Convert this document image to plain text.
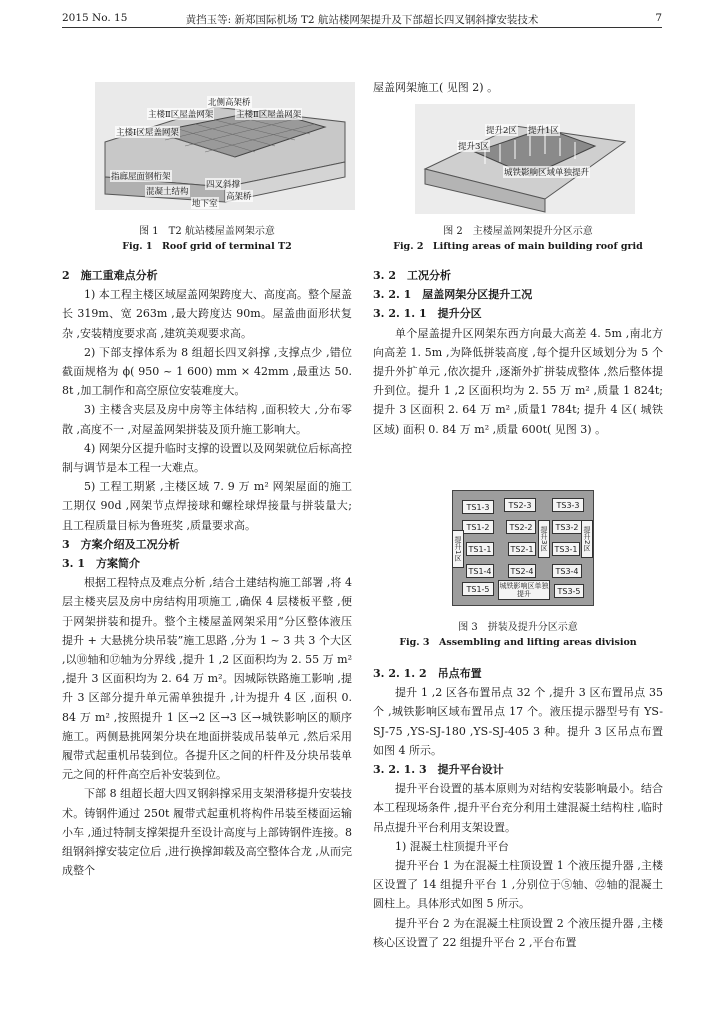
2015 No. 15	黄挡玉等: 新郑国际机场 T2 航站楼网架提升及下部超长四叉钢斜撑安装技术	7
北侧高架桥
主楼Ⅱ区屋盖网架
主楼Ⅰ区屋盖网架
主楼Ⅱ区屋盖网架
指廊屋面钢桁架
混凝土结构
地下室
四叉斜撑
高架桥
图 1　T2 航站楼屋盖网架示意
Fig. 1　Roof grid of terminal T2

2　施工重难点分析

1) 本工程主楼区域屋盖网架跨度大、高度高。整个屋盖长 319m、宽 263m ,最大跨度达 90m。屋盖曲面形状复杂 ,安装精度要求高 ,建筑美观要求高。

2) 下部支撑体系为 8 组超长四叉斜撑 ,支撑点少 ,错位截面规格为 ϕ( 950 ~ 1 600) mm × 42mm ,最重达 50. 8t ,加工制作和高空原位安装难度大。

3) 主楼含夹层及房中房等主体结构 ,面积较大 ,分布零散 ,高度不一 ,对屋盖网架拼装及顶升施工影响大。

4) 网架分区提升临时支撑的设置以及网架就位后标高控制与调节是本工程一大难点。

5) 工程工期紧 ,主楼区域 7. 9 万 m² 网架屋面的施工工期仅 90d ,网架节点焊接球和螺栓球焊接量与拼装量大; 且工程质量目标为鲁班奖 ,质量要求高。

3　方案介绍及工况分析

3. 1　方案简介

根据工程特点及难点分析 ,结合土建结构施工部署 ,将 4 层主楼夹层及房中房结构用项施工 ,确保 4 层楼板平整 ,便于网架拼装和提升。整个主楼屋盖网架采用“分区整体液压提升 + 大悬挑分块吊装”施工思路 ,分为 1 ~ 3 共 3 个大区 ,以⑩轴和⑰轴为分界线 ,提升 1 ,2 区面积均为 2. 55 万 m² ,提升 3 区面积均为 2. 64 万 m²。因城际铁路施工影响 ,提升 3 区部分提升单元需单独提升 ,计为提升 4 区 ,面积 0. 84 万 m² ,按照提升 1 区→2 区→3 区→城铁影响区的顺序施工。两侧悬挑网架分块在地面拼装成吊装单元 ,然后采用履带式起重机吊装到位。各提升区之间的杆件及分块吊装单元之间的杆件高空后补安装到位。

下部 8 组超长超大四叉钢斜撑采用支架滑移提升安装技术。铸钢件通过 250t 履带式起重机将构件吊装至楼面运输小车 ,通过特制支撑架提升至设计高度与上部铸钢件连接。8 组钢斜撑安装定位后 ,进行换撑卸载及高空整体合龙 ,从而完成整个

屋盖网架施工( 见图 2) 。

提升2区 提升1区
提升3区
城铁影响区域单独提升
图 2　主楼屋盖网架提升分区示意
Fig. 2　Lifting areas of main building roof grid

3. 2　工况分析

3. 2. 1　屋盖网架分区提升工况

3. 2. 1. 1　提升分区

单个屋盖提升区网架东西方向最大高差 4. 5m ,南北方向高差 1. 5m ,为降低拼装高度 ,每个提升区域划分为 5 个提升外扩单元 ,依次提升 ,逐渐外扩拼装成整体 ,然后整体提升到位。提升 1 ,2 区面积均为 2. 55 万 m² ,质量 1 824t; 提升 3 区面积 2. 64 万 m² ,质量1 784t; 提升 4 区( 城铁区域) 面积 0. 84 万 m² ,质量 600t( 见图 3) 。

TS1-3
TS1-2
TS1-1
TS2-3
TS2-2
TS2-1	TS3-1
TS3-2
TS3-3
TS1-5
TS1-4	TS2-4	TS3-4
TS3-5
提升1区	提升3区	提升2区
城铁影响区单独提升
图 3　拼装及提升分区示意
Fig. 3　Assembling and lifting areas division

3. 2. 1. 2　吊点布置

提升 1 ,2 区各布置吊点 32 个 ,提升 3 区布置吊点 35 个 ,城铁影响区域布置吊点 17 个。液压提示器型号有 YS-SJ-75 ,YS-SJ-180 ,YS-SJ-405 3 种。提升 3 区吊点布置如图 4 所示。

3. 2. 1. 3　提升平台设计

提升平台设置的基本原则为对结构安装影响最小。结合本工程现场条件 ,提升平台充分利用土建混凝土结构柱 ,临时吊点提升平台利用支架设置。

1) 混凝土柱顶提升平台

提升平台 1 为在混凝土柱顶设置 1 个液压提升器 ,主楼区设置了 14 组提升平台 1 ,分别位于⑤轴、㉒轴的混凝土圆柱上。具体形式如图 5 所示。

提升平台 2 为在混凝土柱顶设置 2 个液压提升器 ,主楼核心区设置了 22 组提升平台 2 ,平台布置
